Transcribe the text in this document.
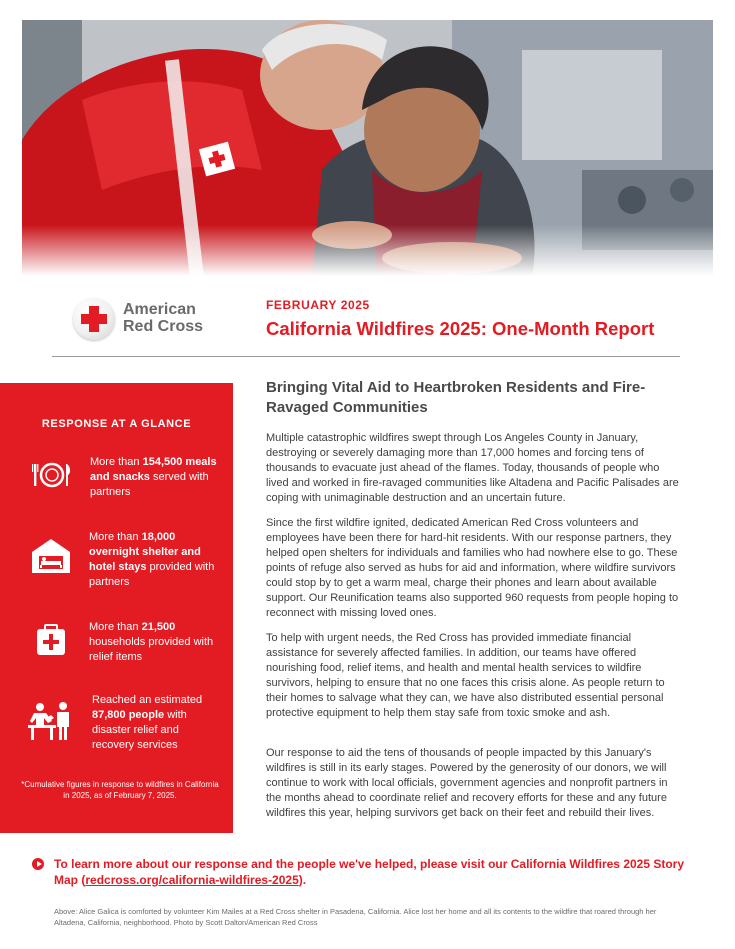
American
Red Cross
FEBRUARY 2025
California Wildfires 2025: One-Month Report
RESPONSE AT A GLANCE
More than 154,500 meals and snacks served with partners
More than 18,000 overnight shelter and hotel stays provided with partners
More than 21,500 households provided with relief items
Reached an estimated 87,800 people with disaster relief and recovery services
*Cumulative figures in response to wildfires in California in 2025, as of February 7, 2025.
Bringing Vital Aid to Heartbroken Residents and Fire-Ravaged Communities

Multiple catastrophic wildfires swept through Los Angeles County in January, destroying or severely damaging more than 17,000 homes and forcing tens of thousands to evacuate just ahead of the flames. Today, thousands of people who lived and worked in fire-ravaged communities like Altadena and Pacific Palisades are coping with unimaginable destruction and an uncertain future.

Since the first wildfire ignited, dedicated American Red Cross volunteers and employees have been there for hard-hit residents. With our response partners, they helped open shelters for individuals and families who had nowhere else to go. These points of refuge also served as hubs for aid and information, where wildfire survivors could stop by to get a warm meal, charge their phones and learn about available support. Our Reunification teams also supported 960 requests from people hoping to reconnect with missing loved ones.

To help with urgent needs, the Red Cross has provided immediate financial assistance for severely affected families. In addition, our teams have offered nourishing food, relief items, and health and mental health services to wildfire survivors, helping to ensure that no one faces this crisis alone. As people return to their homes to salvage what they can, we have also distributed essential personal protective equipment to help them stay safe from toxic smoke and ash.

Our response to aid the tens of thousands of people impacted by this January's wildfires is still in its early stages. Powered by the generosity of our donors, we will continue to work with local officials, government agencies and nonprofit partners in the months ahead to coordinate relief and recovery efforts for these and any future wildfires this year, helping survivors get back on their feet and rebuild their lives.

To learn more about our response and the people we've helped, please visit our California Wildfires 2025 Story Map (redcross.org/california-wildfires-2025).
Above: Alice Galica is comforted by volunteer Kim Mailes at a Red Cross shelter in Pasadena, California. Alice lost her home and all its contents to the wildfire that roared through her Altadena, California, neighborhood. Photo by Scott Dalton/American Red Cross
